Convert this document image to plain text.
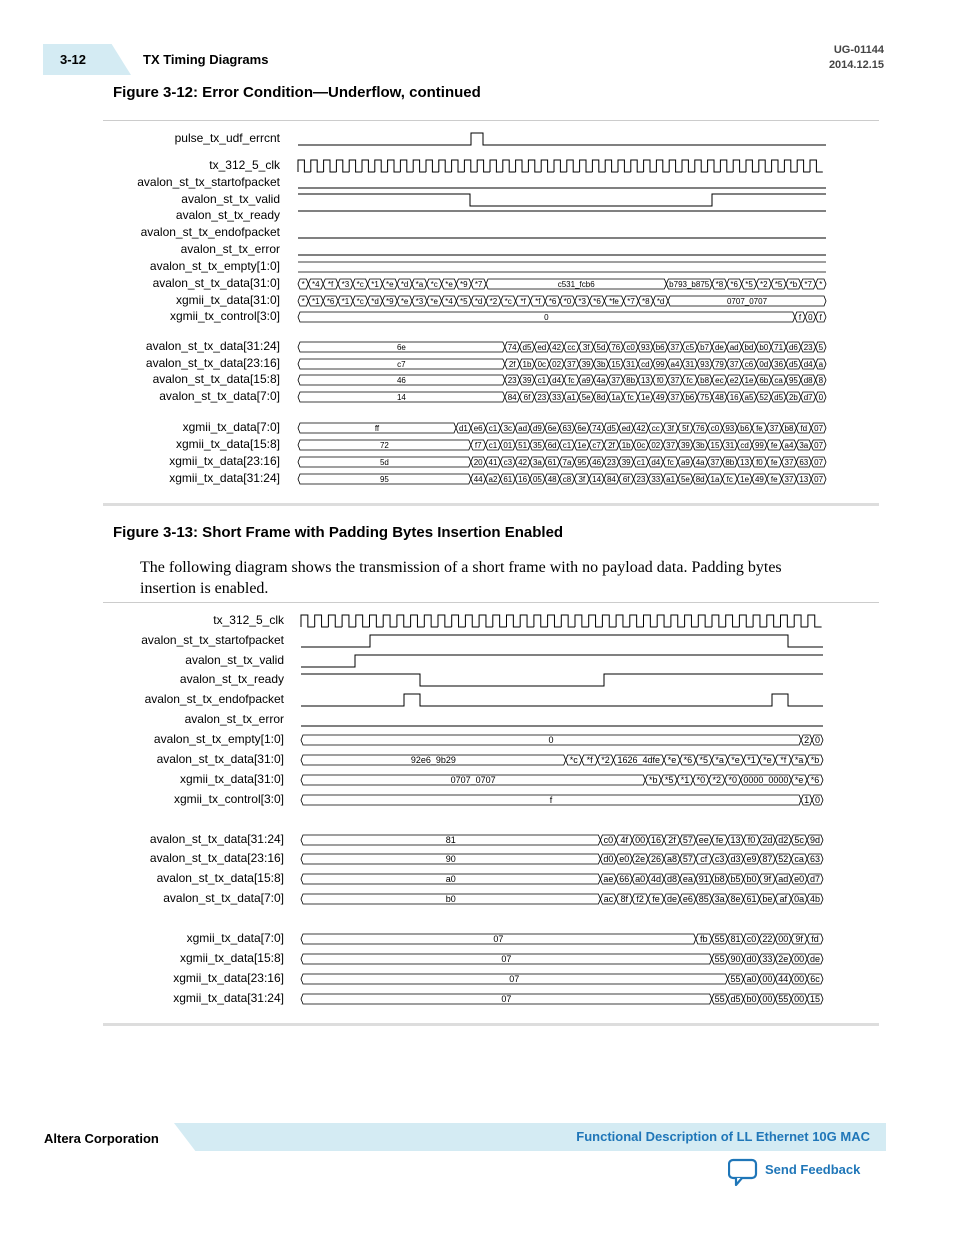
3-12	TX Timing Diagrams
UG-01144
2014.12.15
Figure 3-12: Error Condition—Underflow, continued
pulse_tx_udf_errcnt
tx_312_5_clk
avalon_st_tx_startofpacket
avalon_st_tx_valid
avalon_st_tx_ready
avalon_st_tx_endofpacket
avalon_st_tx_error
avalon_st_tx_empty[1:0]
avalon_st_tx_data[31:0]
xgmii_tx_data[31:0]
xgmii_tx_control[3:0]
avalon_st_tx_data[31:24]
avalon_st_tx_data[23:16]
avalon_st_tx_data[15:8]
avalon_st_tx_data[7:0]
xgmii_tx_data[7:0]
xgmii_tx_data[15:8]
xgmii_tx_data[23:16]
xgmii_tx_data[31:24]
* *4 *f *3 *c *1 *e *d *a *c *e *9 *7	c531_fcb6	b793_b875 *8 *6 *5 *2 *5 *b *7 *
* *1 *6 *1 *c *d *9 *e *3 *e *4 *5 *d *2 *c *f *f *6 *0 *3 *6 *fe *7 *8 *d	0707_0707
0	f 0 f
6e	74 d5 ed 42 cc 3f 5d 76 c0 93 b6 37 c5 b7 de ad bd b0 71 d6 23 5
c7	2f 1b 0c 02 37 39 3b 15 31 cd 99 a4 31 93 79 37 c6 0d 36 d5 d4 a
46	23 39 c1 d4 fc a9 4a 37 8b 13 f0 37 fc b8 ec e2 1e 6b ca 95 d8 8
14	84 6f 23 33 a1 5e 8d 1a fc 1e 49 37 b6 75 48 16 a5 52 d5 2b d7 0
ff	d1 e6 c1 3c ad d9 6e 63 6e 74 d5 ed 42 cc 3f 5f 76 c0 93 b6 fe 37 b8 fd 07
72	f7 c1 01 51 35 6d c1 1e c7 2f 1b 0c 02 37 39 3b 15 31 cd 99 fe a4 3a 07
5d	20 41 c3 42 3a 61 7a 95 46 23 39 c1 d4 fc a9 4a 37 8b 13 f0 fe 37 63 07
95	44 a2 61 16 05 48 c8 3f 14 84 6f 23 33 a1 5e 8d 1a fc 1e 49 fe 37 13 07
Figure 3-13: Short Frame with Padding Bytes Insertion Enabled
The following diagram shows the transmission of a short frame with no payload data. Padding bytes insertion is enabled.
tx_312_5_clk
avalon_st_tx_startofpacket
avalon_st_tx_valid
avalon_st_tx_ready
avalon_st_tx_endofpacket
avalon_st_tx_error
avalon_st_tx_empty[1:0]
avalon_st_tx_data[31:0]
xgmii_tx_data[31:0]
xgmii_tx_control[3:0]
avalon_st_tx_data[31:24]
avalon_st_tx_data[23:16]
avalon_st_tx_data[15:8]
avalon_st_tx_data[7:0]
xgmii_tx_data[7:0]
xgmii_tx_data[15:8]
xgmii_tx_data[23:16]
xgmii_tx_data[31:24]
0	2 0
92e6_9b29	*c *f *2 1626_4dfe *e *6 *5 *a *e *1 *e *f *a *b
0707_0707	*b *5 *1 *0 *2 *0 0000_0000 *e *6
f	1 0
81	c0 4f 00 16 2f 57 ee fe 13 f0 2d d2 5c 9d
90	d0 e0 2e 26 a8 57 cf c3 d3 e9 87 52 ca 63
a0	ae 66 a0 4d d8 ea 91 b8 b5 b0 9f ad e0 d7
b0	ac 8f f2 fe de e6 85 3a 8e 61 be af 0a 4b
07	fb 55 81 c0 22 00 9f fd
07	55 90 d0 33 2e 00 de
07	55 a0 00 44 00 6c
07	55 d5 b0 00 55 00 15
Altera Corporation	Functional Description of LL Ethernet 10G MAC
Send Feedback
